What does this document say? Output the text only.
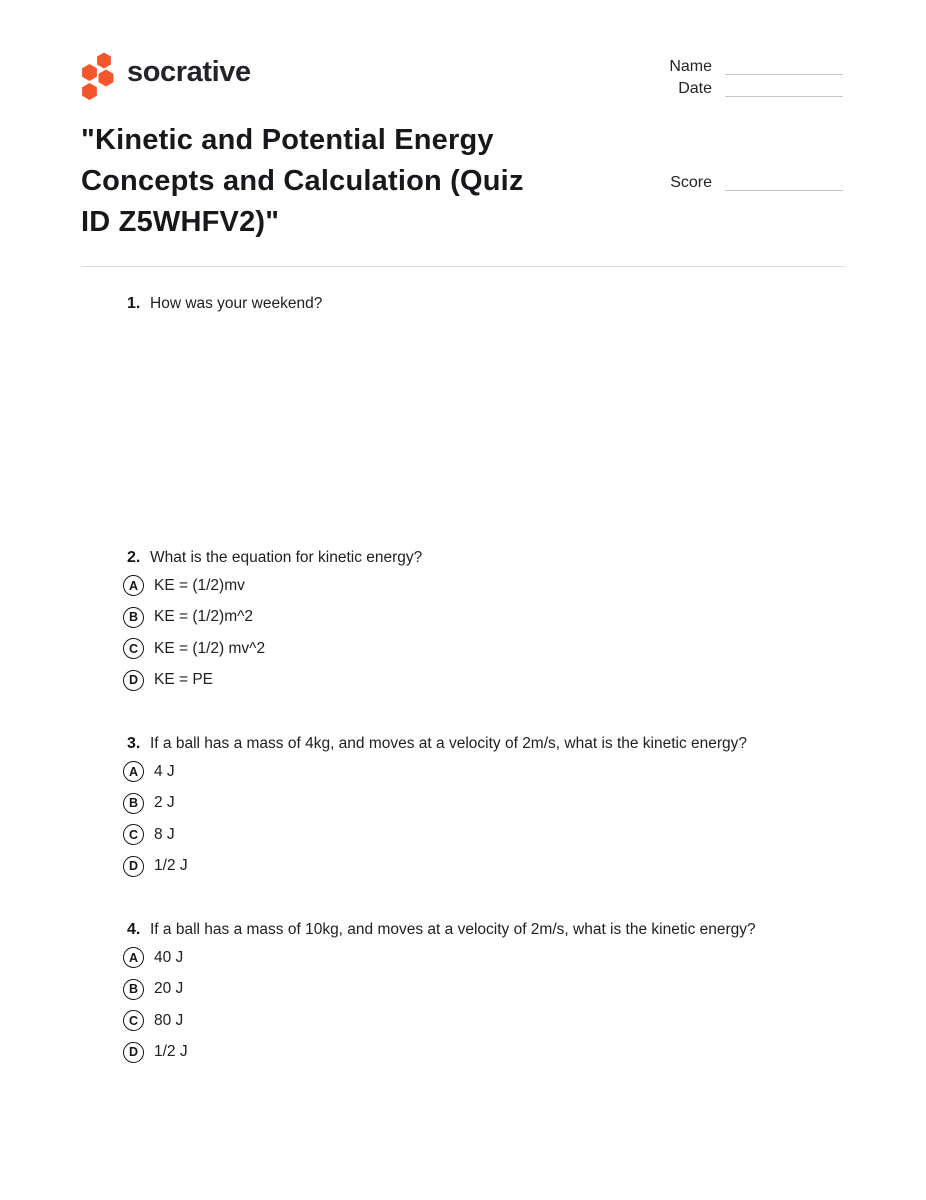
socrative	Name
Date
Score
"Kinetic and Potential Energy
Concepts and Calculation (Quiz
ID Z5WHFV2)"
1. How was your weekend?
2. What is the equation for kinetic energy?
A	KE = (1/2)mv
B	KE = (1/2)m^2
C	KE = (1/2) mv^2
D	KE = PE
3. If a ball has a mass of 4kg, and moves at a velocity of 2m/s, what is the kinetic energy?
A	4 J
B	2 J
C	8 J
D	1/2 J
4. If a ball has a mass of 10kg, and moves at a velocity of 2m/s, what is the kinetic energy?
A	40 J
B	20 J
C	80 J
D	1/2 J
